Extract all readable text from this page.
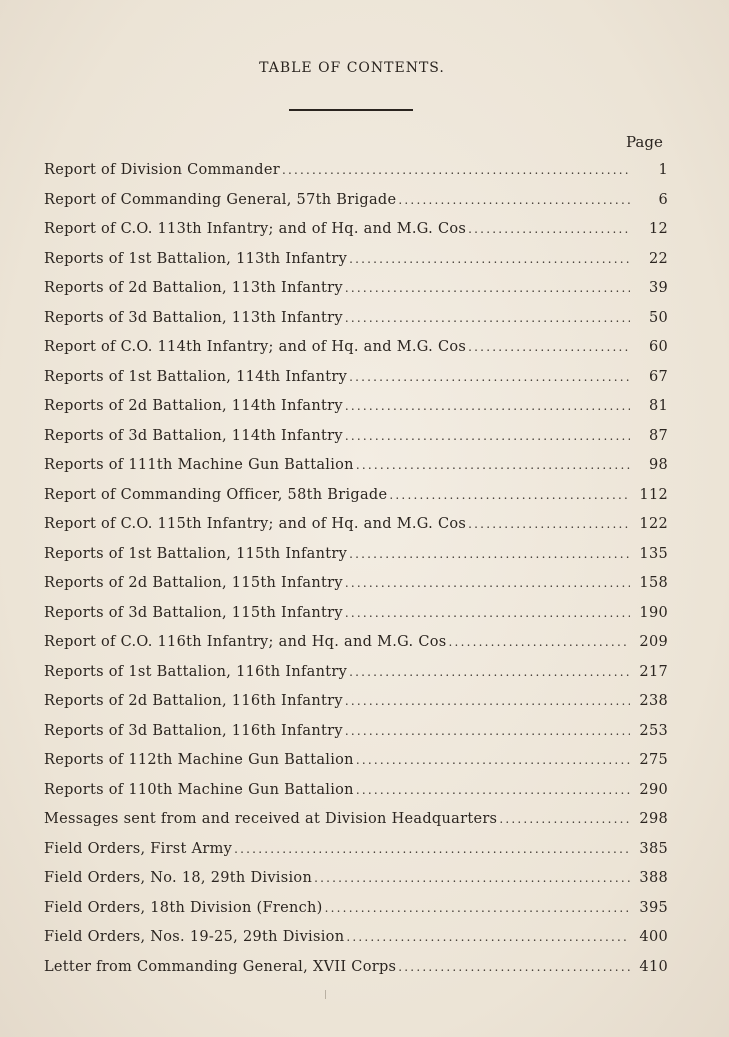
TABLE OF CONTENTS.
Page
Report of Division Commander .....	1
Report of Commanding General, 57th Brigade .....	6
Report of C.O. 113th Infantry; and of Hq. and M.G. Cos .....	12
Reports of 1st Battalion, 113th Infantry .....	22
Reports of 2d Battalion, 113th Infantry .....	39
Reports of 3d Battalion, 113th Infantry .....	50
Report of C.O. 114th Infantry; and of Hq. and M.G. Cos .....	60
Reports of 1st Battalion, 114th Infantry .....	67
Reports of 2d Battalion, 114th Infantry .....	81
Reports of 3d Battalion, 114th Infantry .....	87
Reports of 111th Machine Gun Battalion .....	98
Report of Commanding Officer, 58th Brigade .....	112
Report of C.O. 115th Infantry; and of Hq. and M.G. Cos .....	122
Reports of 1st Battalion, 115th Infantry .....	135
Reports of 2d Battalion, 115th Infantry .....	158
Reports of 3d Battalion, 115th Infantry .....	190
Report of C.O. 116th Infantry; and Hq. and M.G. Cos .....	209
Reports of 1st Battalion, 116th Infantry .....	217
Reports of 2d Battalion, 116th Infantry .....	238
Reports of 3d Battalion, 116th Infantry .....	253
Reports of 112th Machine Gun Battalion .....	275
Reports of 110th Machine Gun Battalion .....	290
Messages sent from and received at Division Headquarters .....	298
Field Orders, First Army .....	385
Field Orders, No. 18, 29th Division .....	388
Field Orders, 18th Division (French) .....	395
Field Orders, Nos. 19-25, 29th Division .....	400
Letter from Commanding General, XVII Corps .....	410
